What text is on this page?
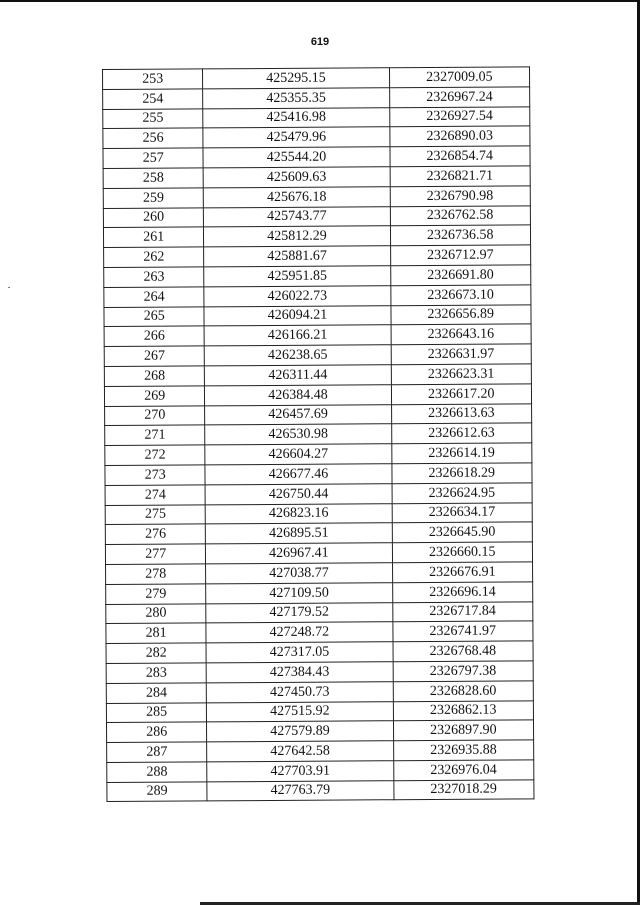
619
253	425295.15	2327009.05
254	425355.35	2326967.24
255	425416.98	2326927.54
256	425479.96	2326890.03
257	425544.20	2326854.74
258	425609.63	2326821.71
259	425676.18	2326790.98
260	425743.77	2326762.58
261	425812.29	2326736.58
262	425881.67	2326712.97
263	425951.85	2326691.80
264	426022.73	2326673.10
265	426094.21	2326656.89
266	426166.21	2326643.16
267	426238.65	2326631.97
268	426311.44	2326623.31
269	426384.48	2326617.20
270	426457.69	2326613.63
271	426530.98	2326612.63
272	426604.27	2326614.19
273	426677.46	2326618.29
274	426750.44	2326624.95
275	426823.16	2326634.17
276	426895.51	2326645.90
277	426967.41	2326660.15
278	427038.77	2326676.91
279	427109.50	2326696.14
280	427179.52	2326717.84
281	427248.72	2326741.97
282	427317.05	2326768.48
283	427384.43	2326797.38
284	427450.73	2326828.60
285	427515.92	2326862.13
286	427579.89	2326897.90
287	427642.58	2326935.88
288	427703.91	2326976.04
289	427763.79	2327018.29
